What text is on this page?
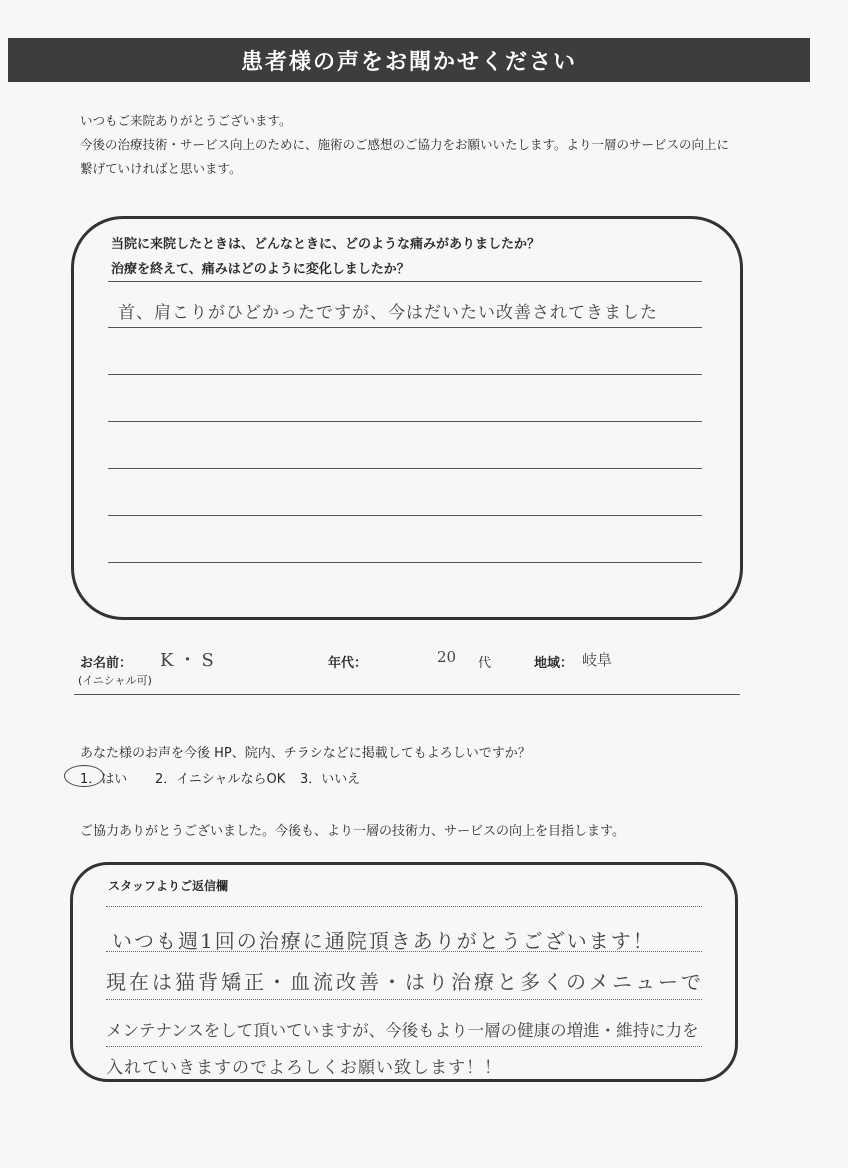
患者様の声をお聞かせください
いつもご来院ありがとうございます。
今後の治療技術・サービス向上のために、施術のご感想のご協力をお願いいたします。より一層のサービスの向上に
繋げていければと思います。
当院に来院したときは、どんなときに、どのような痛みがありましたか？
治療を終えて、痛みはどのように変化しましたか？
首、肩こりがひどかったですが、今はだいたい改善されてきました
お名前： K・S
(イニシャル可)
年代：	20 代	地域： 岐阜
あなた様のお声を今後 HP、院内、チラシなどに掲載してもよろしいですか？
1．はい 2．イニシャルならOK 3．いいえ
ご協力ありがとうございました。今後も、より一層の技術力、サービスの向上を目指します。
スタッフよりご返信欄
いつも週1回の治療に通院頂きありがとうございます！
現在は猫背矯正・血流改善・はり治療と多くのメニューで
メンテナンスをして頂いていますが、今後もより一層の健康の増進・維持に力を
入れていきますのでよろしくお願い致します！！
